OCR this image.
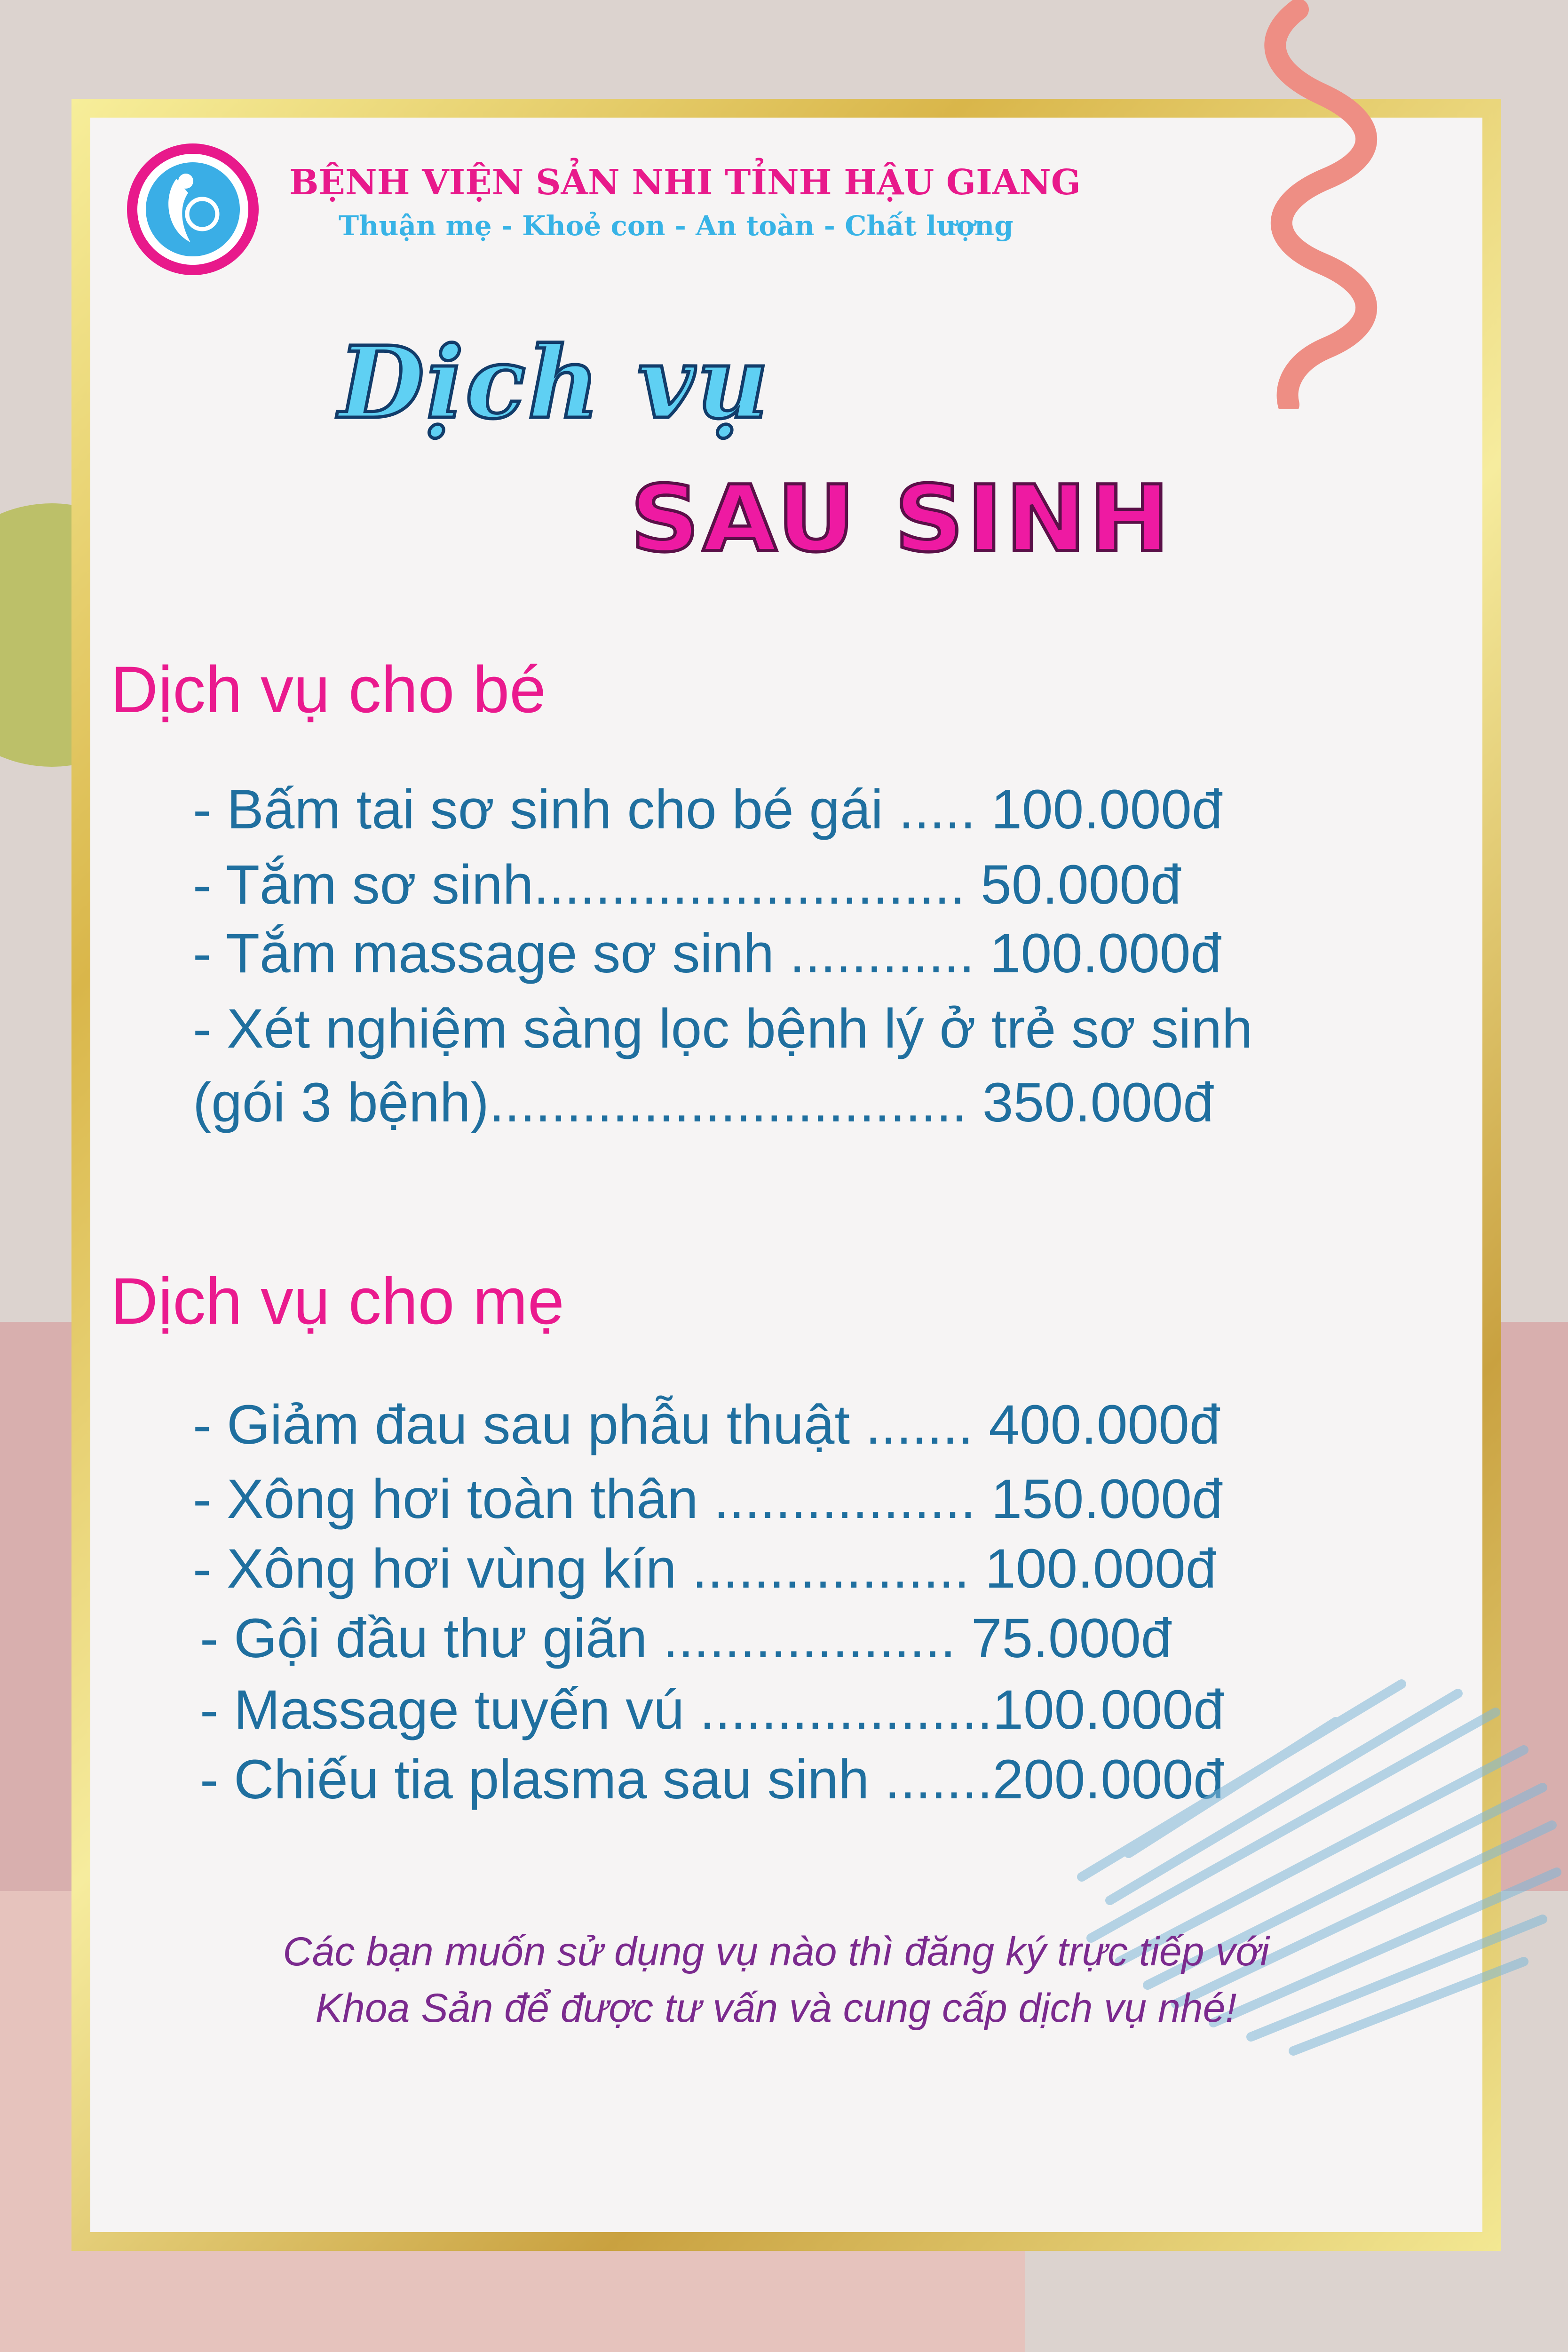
BỆNH VIỆN SẢN NHI TỈNH HẬU GIANG
Thuận mẹ - Khoẻ con - An toàn - Chất lượng
Dịch vụ
SAU SINH
Dịch vụ cho bé
- Bấm tai sơ sinh cho bé gái ..... 100.000đ
- Tắm sơ sinh............................ 50.000đ
- Tắm massage sơ sinh ............ 100.000đ
- Xét nghiệm sàng lọc bệnh lý ở trẻ sơ sinh
(gói 3 bệnh)............................... 350.000đ
Dịch vụ cho mẹ
- Giảm đau sau phẫu thuật ....... 400.000đ
- Xông hơi toàn thân ................. 150.000đ
- Xông hơi vùng kín .................. 100.000đ
- Gội đầu thư giãn ................... 75.000đ
- Massage tuyến vú ...................100.000đ
- Chiếu tia plasma sau sinh .......200.000đ
Các bạn muốn sử dụng vụ nào thì đăng ký trực tiếp với
Khoa Sản để được tư vấn và cung cấp dịch vụ nhé!
